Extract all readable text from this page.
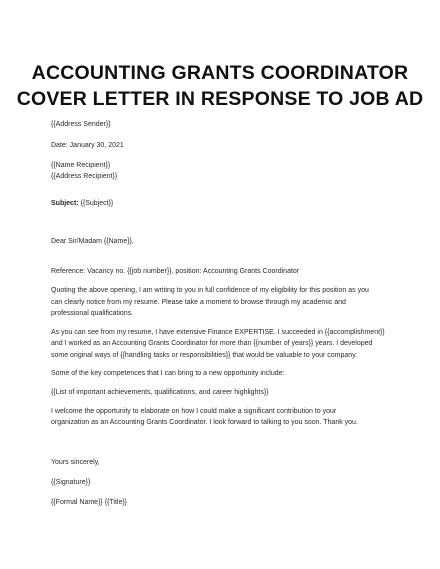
ACCOUNTING GRANTS COORDINATOR
COVER LETTER IN RESPONSE TO JOB AD

{{Address Sender}}

Date: January 30, 2021

{{Name Recipient}}

{{Address Recipient}}

Subject: {{Subject}}

Dear Sir/Madam {{Name}},

Reference: Vacancy no. {{job number}}, position: Accounting Grants Coordinator

Quoting the above opening, I am writing to you in full confidence of my eligibility for this position as you

can clearly notice from my resume. Please take a moment to browse through my academic and

professional qualifications.

As you can see from my resume, I have extensive Finance EXPERTISE. I succeeded in {{accomplishment}}

and I worked as an Accounting Grants Coordinator for more than {{number of years}} years. I developed

some original ways of {{handling tasks or responsibilities}} that would be valuable to your company.

Some of the key competences that I can bring to a new opportunity include:

{{List of important achievements, qualifications, and career highlights}}

I welcome the opportunity to elaborate on how I could make a significant contribution to your

organization as an Accounting Grants Coordinator. I look forward to talking to you soon. Thank you.

Yours sincerely,

{{Signature}}

{{Formal Name}} {{Title}}
